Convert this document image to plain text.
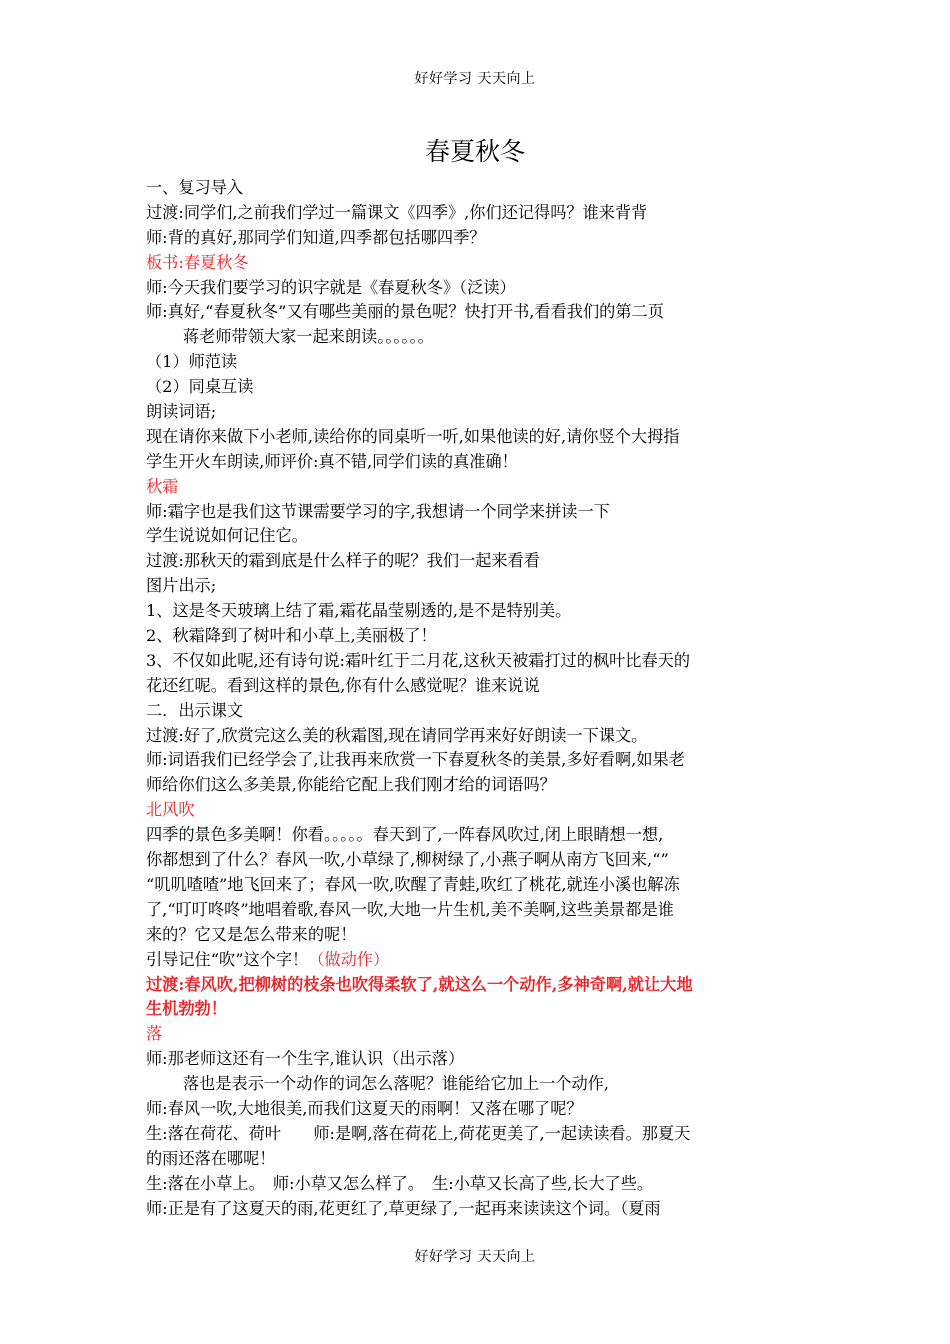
好好学习 天天向上
春夏秋冬
一、复习导入
过渡:同学们,之前我们学过一篇课文《四季》,你们还记得吗？谁来背背
师:背的真好,那同学们知道,四季都包括哪四季？
板书:春夏秋冬
师:今天我们要学习的识字就是《春夏秋冬》（泛读）
师:真好,“春夏秋冬”又有哪些美丽的景色呢？快打开书,看看我们的第二页
蒋老师带领大家一起来朗读。。。。。。
（1）师范读
（2）同桌互读
朗读词语;
现在请你来做下小老师,读给你的同桌听一听,如果他读的好,请你竖个大拇指
学生开火车朗读,师评价:真不错,同学们读的真准确！
秋霜
师:霜字也是我们这节课需要学习的字,我想请一个同学来拼读一下
学生说说如何记住它。
过渡:那秋天的霜到底是什么样子的呢？我们一起来看看
图片出示;
1、这是冬天玻璃上结了霜,霜花晶莹剔透的,是不是特别美。
2、秋霜降到了树叶和小草上,美丽极了！
3、不仅如此呢,还有诗句说:霜叶红于二月花,这秋天被霜打过的枫叶比春天的
花还红呢。看到这样的景色,你有什么感觉呢？谁来说说
二．出示课文
过渡:好了,欣赏完这么美的秋霜图,现在请同学再来好好朗读一下课文。
师:词语我们已经学会了,让我再来欣赏一下春夏秋冬的美景,多好看啊,如果老
师给你们这么多美景,你能给它配上我们刚才给的词语吗？
北风吹
四季的景色多美啊！你看。。。。。春天到了,一阵春风吹过,闭上眼睛想一想,
你都想到了什么？春风一吹,小草绿了,柳树绿了,小燕子啊从南方飞回来,“”
“叽叽喳喳”地飞回来了；春风一吹,吹醒了青蛙,吹红了桃花,就连小溪也解冻
了,“叮叮咚咚”地唱着歌,春风一吹,大地一片生机,美不美啊,这些美景都是谁
来的？它又是怎么带来的呢！
引导记住“吹”这个字！（做动作）
过渡:春风吹,把柳树的枝条也吹得柔软了,就这么一个动作,多神奇啊,就让大地
生机勃勃！
落
师:那老师这还有一个生字,谁认识（出示落）
落也是表示一个动作的词怎么落呢？谁能给它加上一个动作,
师:春风一吹,大地很美,而我们这夏天的雨啊！又落在哪了呢？
生:落在荷花、荷叶　　师:是啊,落在荷花上,荷花更美了,一起读读看。那夏天
的雨还落在哪呢！
生:落在小草上。　师:小草又怎么样了。　生:小草又长高了些,长大了些。
师:正是有了这夏天的雨,花更红了,草更绿了,一起再来读读这个词。（夏雨
好好学习 天天向上
